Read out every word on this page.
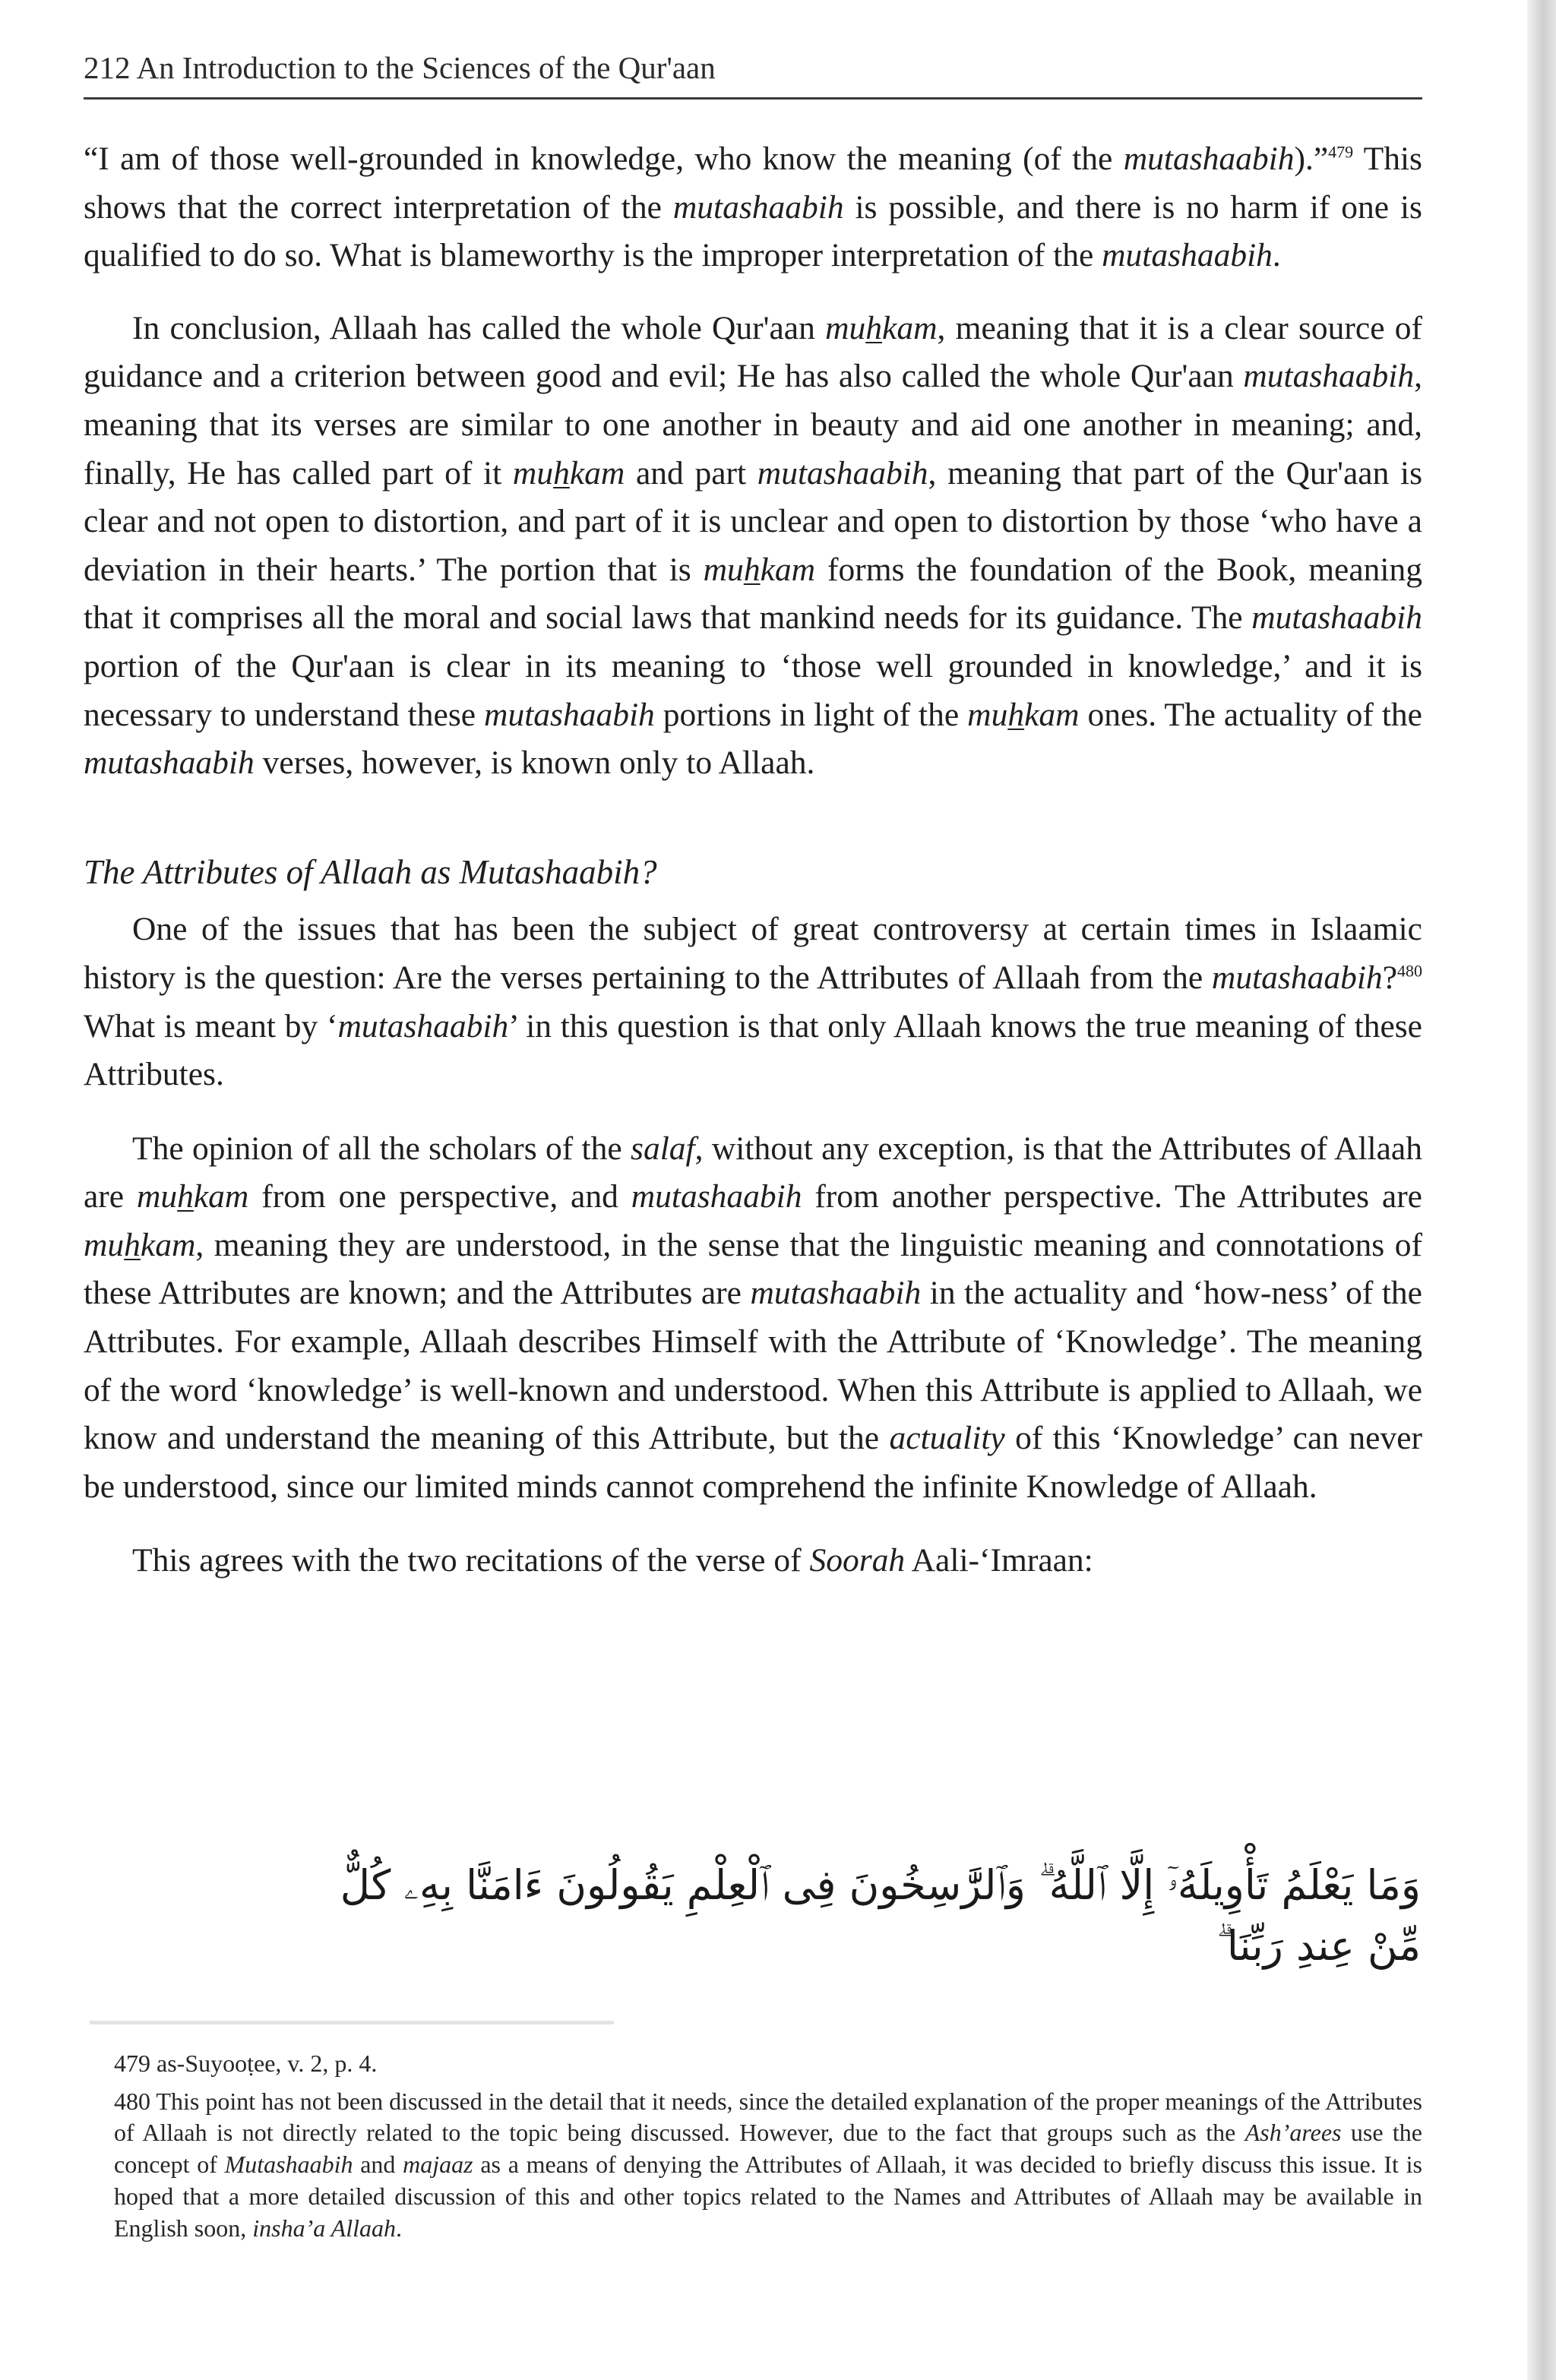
212 An Introduction to the Sciences of the Qur'aan

“I am of those well-grounded in knowledge, who know the meaning (of the mutashaabih).”$^{479}$ This shows that the correct interpretation of the mutashaabih is possible, and there is no harm if one is qualified to do so. What is blameworthy is the improper interpretation of the mutashaabih.

In conclusion, Allaah has called the whole Qur'aan muhkam, meaning that it is a clear source of guidance and a criterion between good and evil; He has also called the whole Qur'aan mutashaabih, meaning that its verses are similar to one another in beauty and aid one another in meaning; and, finally, He has called part of it muhkam and part mutashaabih, meaning that part of the Qur'aan is clear and not open to distortion, and part of it is unclear and open to distortion by those ‘who have a deviation in their hearts.’ The portion that is muhkam forms the foundation of the Book, meaning that it comprises all the moral and social laws that mankind needs for its guidance. The mutashaabih portion of the Qur'aan is clear in its meaning to ‘those well grounded in knowledge,’ and it is necessary to understand these mutashaabih portions in light of the muhkam ones. The actuality of the mutashaabih verses, however, is known only to Allaah.

The Attributes of Allaah as Mutashaabih?

One of the issues that has been the subject of great controversy at certain times in Islaamic history is the question: Are the verses pertaining to the Attributes of Allaah from the mutashaabih?$^{480}$ What is meant by ‘mutashaabih’ in this question is that only Allaah knows the true meaning of these Attributes.

The opinion of all the scholars of the salaf, without any exception, is that the Attributes of Allaah are muhkam from one perspective, and mutashaabih from another perspective. The Attributes are muhkam, meaning they are understood, in the sense that the linguistic meaning and connotations of these Attributes are known; and the Attributes are mutashaabih in the actuality and ‘how-ness’ of the Attributes. For example, Allaah describes Himself with the Attribute of ‘Knowledge’. The meaning of the word ‘knowledge’ is well-known and understood. When this Attribute is applied to Allaah, we know and understand the meaning of this Attribute, but the actuality of this ‘Knowledge’ can never be understood, since our limited minds cannot comprehend the infinite Knowledge of Allaah.

This agrees with the two recitations of the verse of Soorah Aali-‘Imraan:

وَمَا يَعْلَمُ تَأْوِيلَهُۥٓ إِلَّا ٱللَّهُ ۗ وَٱلرَّٰسِخُونَ فِى ٱلْعِلْمِ يَقُولُونَ ءَامَنَّا بِهِۦ كُلٌّ مِّنْ عِندِ رَبِّنَا ۗ

479 as-Suyooṭee, v. 2, p. 4.

480 This point has not been discussed in the detail that it needs, since the detailed explanation of the proper meanings of the Attributes of Allaah is not directly related to the topic being discussed. However, due to the fact that groups such as the Ash’arees use the concept of Mutashaabih and majaaz as a means of denying the Attributes of Allaah, it was decided to briefly discuss this issue. It is hoped that a more detailed discussion of this and other topics related to the Names and Attributes of Allaah may be available in English soon, insha’a Allaah.
